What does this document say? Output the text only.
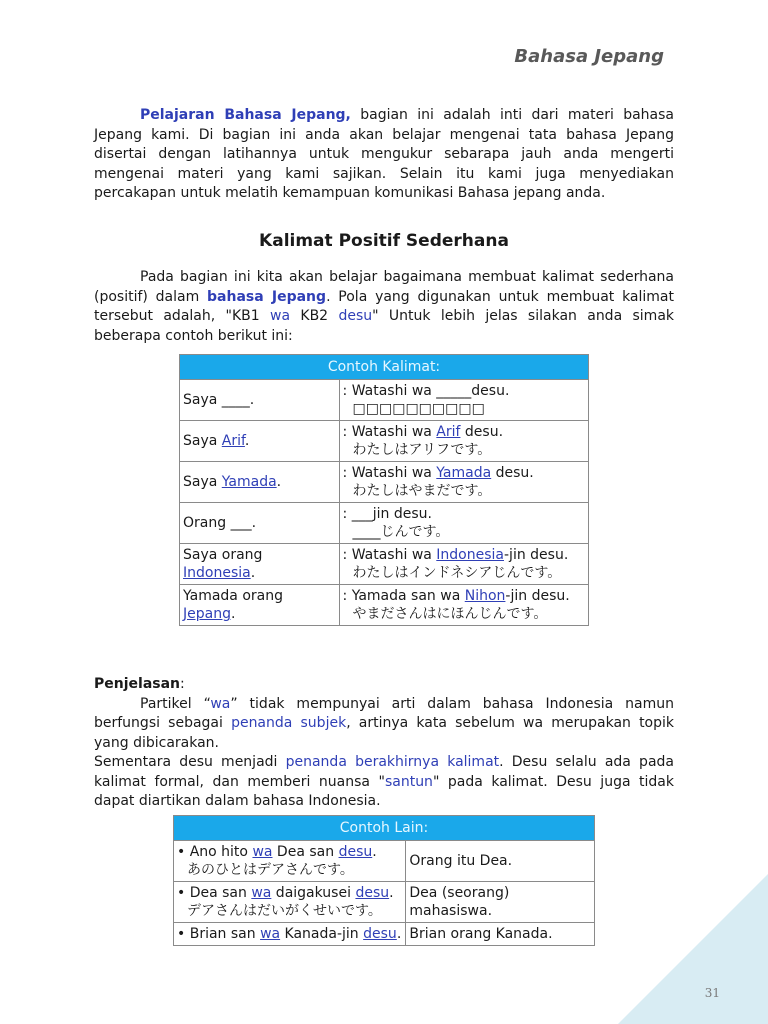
Bahasa Jepang

Pelajaran Bahasa Jepang, bagian ini adalah inti dari materi bahasa Jepang kami. Di bagian ini anda akan belajar mengenai tata bahasa Jepang disertai dengan latihannya untuk mengukur sebarapa jauh anda mengerti mengenai materi yang kami sajikan. Selain itu kami juga menyediakan percakapan untuk melatih kemampuan komunikasi Bahasa jepang anda.

Kalimat Positif Sederhana

Pada bagian ini kita akan belajar bagaimana membuat kalimat sederhana (positif) dalam bahasa Jepang. Pola yang digunakan untuk membuat kalimat tersebut adalah, "KB1 wa KB2 desu" Untuk lebih jelas silakan anda simak beberapa contoh berikut ini:

Contoh Kalimat:	
Saya ____.	: Watashi wa _____desu.
□□□□□□□□□□

Saya Arif.	: Watashi wa Arif desu.
わたしはアリフです。

Saya Yamada.	: Watashi wa Yamada desu.
わたしはやまだです。

Orang ___.	: ___jin desu.
____じんです。

Saya orang Indonesia.	: Watashi wa Indonesia-jin desu.
わたしはインドネシアじんです。

Yamada orang Jepang.	: Yamada san wa Nihon-jin desu.
やまださんはにほんじんです。

Penjelasan:
Partikel “wa” tidak mempunyai arti dalam bahasa Indonesia namun berfungsi sebagai penanda subjek, artinya kata sebelum wa merupakan topik yang dibicarakan.
Sementara desu menjadi penanda berakhirnya kalimat. Desu selalu ada pada kalimat formal, dan memberi nuansa "santun" pada kalimat. Desu juga tidak dapat diartikan dalam bahasa Indonesia.

Contoh Lain:	
• Ano hito wa Dea san desu.
あのひとはデアさんです。	Orang itu Dea.
• Dea san wa daigakusei desu.
デアさんはだいがくせいです。	Dea (seorang) mahasiswa.
• Brian san wa Kanada-jin desu.	Brian orang Kanada.
31
